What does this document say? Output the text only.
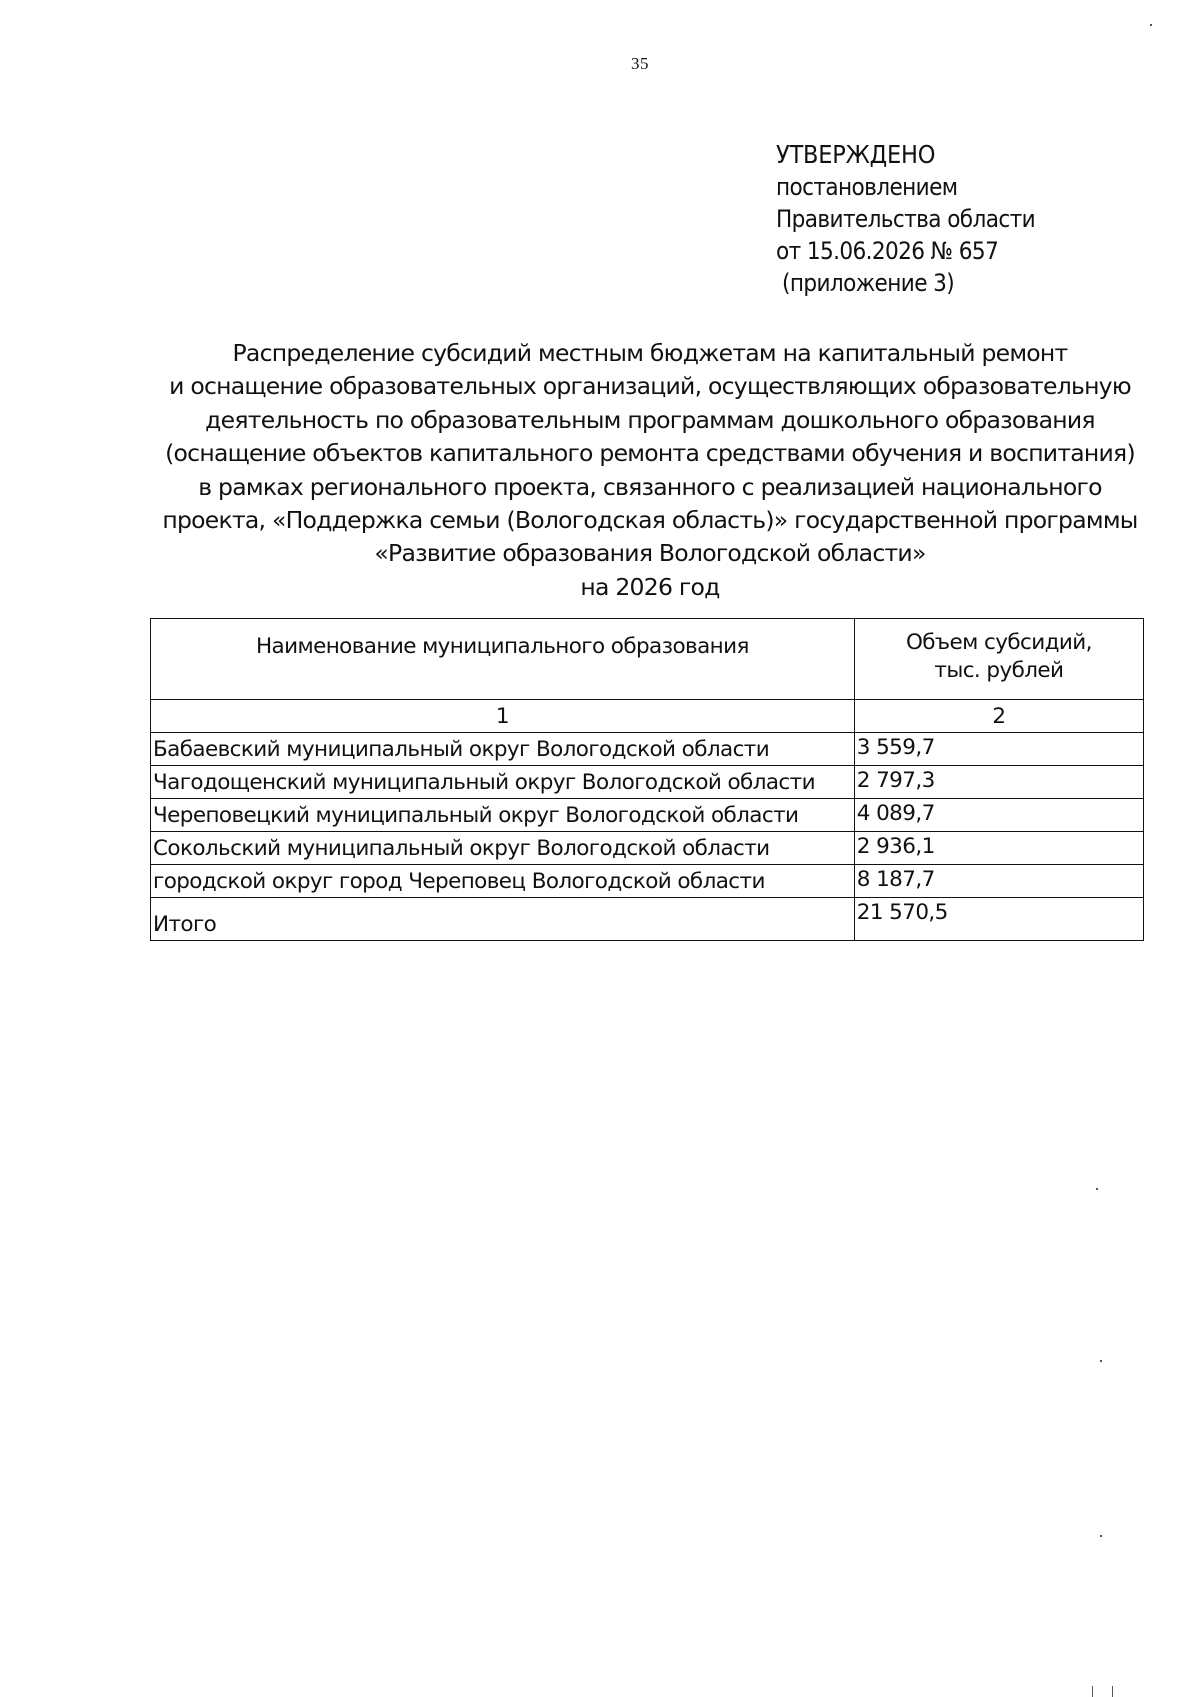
35
УТВЕРЖДЕНО
постановлением
Правительства области
от 15.06.2026 № 657
(приложение 3)
Распределение субсидий местным бюджетам на капитальный ремонт
и оснащение образовательных организаций, осуществляющих образовательную
деятельность по образовательным программам дошкольного образования
(оснащение объектов капитального ремонта средствами обучения и воспитания)
в рамках регионального проекта, связанного с реализацией национального
проекта, «Поддержка семьи (Вологодская область)» государственной программы
«Развитие образования Вологодской области»
на 2026 год
Наименование муниципального образования	Объем субсидий,
тыс. рублей

1	2
Бабаевский муниципальный округ Вологодской области	3 559,7
Чагодощенский муниципальный округ Вологодской области	2 797,3
Череповецкий муниципальный округ Вологодской области	4 089,7
Сокольский муниципальный округ Вологодской области	2 936,1
городской округ город Череповец Вологодской области	8 187,7
Итого	21 570,5
